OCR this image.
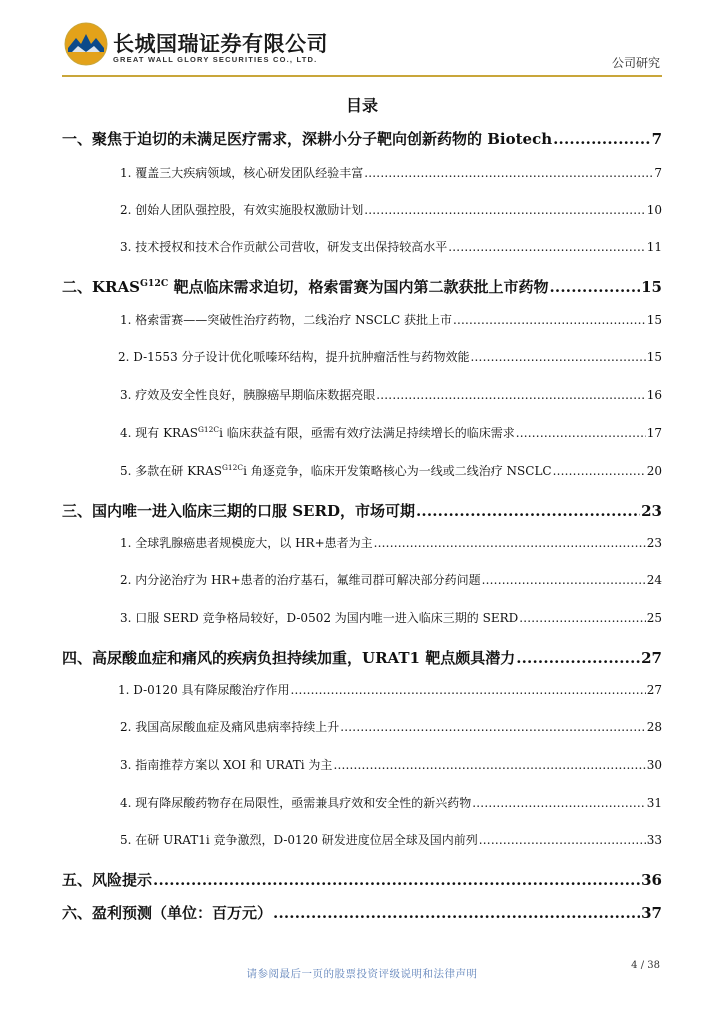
长城国瑞证券有限公司
GREAT WALL GLORY SECURITIES CO., LTD.	公司研究
目录
一、聚焦于迫切的未满足医疗需求，深耕小分子靶向创新药物的 Biotech .....	7
1. 覆盖三大疾病领域，核心研发团队经验丰富 .....	7
2. 创始人团队强控股，有效实施股权激励计划 .....	10
3. 技术授权和技术合作贡献公司营收，研发支出保持较高水平 .....	11
二、$KRAS^{G12C}$ 靶点临床需求迫切，格索雷赛为国内第二款获批上市药物 .....	15
1. 格索雷赛——突破性治疗药物，二线治疗 NSCLC 获批上市 .....	15
2. D-1553 分子设计优化哌嗪环结构，提升抗肿瘤活性与药物效能 .....	15
3. 疗效及安全性良好，胰腺癌早期临床数据亮眼 .....	16
4. 现有 $KRAS^{G12C}i$ 临床获益有限，亟需有效疗法满足持续增长的临床需求 .....	17
5. 多款在研 $KRAS^{G12C}i$ 角逐竞争，临床开发策略核心为一线或二线治疗 NSCLC .....	20
三、国内唯一进入临床三期的口服 SERD，市场可期 .....	23
1. 全球乳腺癌患者规模庞大，以 HR+患者为主 .....	23
2. 内分泌治疗为 HR+患者的治疗基石，氟维司群可解决部分药问题 .....	24
3. 口服 SERD 竞争格局较好，D-0502 为国内唯一进入临床三期的 SERD .....	25
四、高尿酸血症和痛风的疾病负担持续加重，URAT1 靶点颇具潜力 .....	27
1. D-0120 具有降尿酸治疗作用 .....	27
2. 我国高尿酸血症及痛风患病率持续上升 .....	28
3. 指南推荐方案以 XOI 和 URATi 为主 .....	30
4. 现有降尿酸药物存在局限性，亟需兼具疗效和安全性的新兴药物 .....	31
5. 在研 URAT1i 竞争激烈，D-0120 研发进度位居全球及国内前列 .....	33
五、风险提示 .....	36
六、盈利预测（单位：百万元） .....	37
4 / 38
请参阅最后一页的股票投资评级说明和法律声明
